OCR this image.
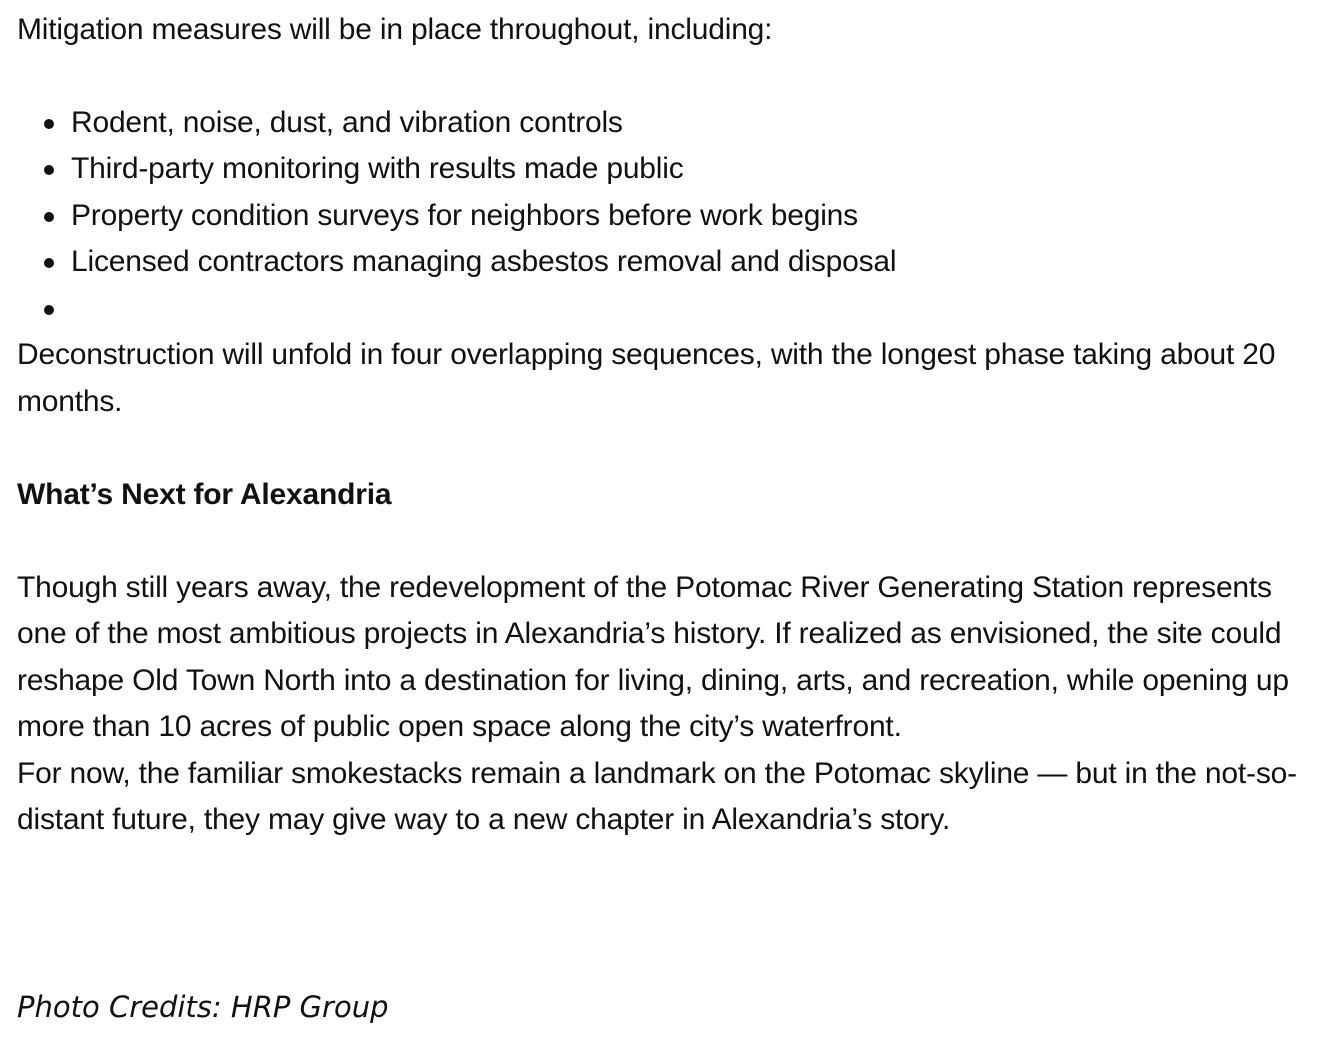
Mitigation measures will be in place throughout, including:

Rodent, noise, dust, and vibration controls
Third-party monitoring with results made public
Property condition surveys for neighbors before work begins
Licensed contractors managing asbestos removal and disposal

Deconstruction will unfold in four overlapping sequences, with the longest phase taking about 20 months.

What’s Next for Alexandria

Though still years away, the redevelopment of the Potomac River Generating Station represents one of the most ambitious projects in Alexandria’s history. If realized as envisioned, the site could reshape Old Town North into a destination for living, dining, arts, and recreation, while opening up more than 10 acres of public open space along the city’s waterfront.

For now, the familiar smokestacks remain a landmark on the Potomac skyline — but in the not-so-distant future, they may give way to a new chapter in Alexandria’s story.

Photo Credits: HRP Group
